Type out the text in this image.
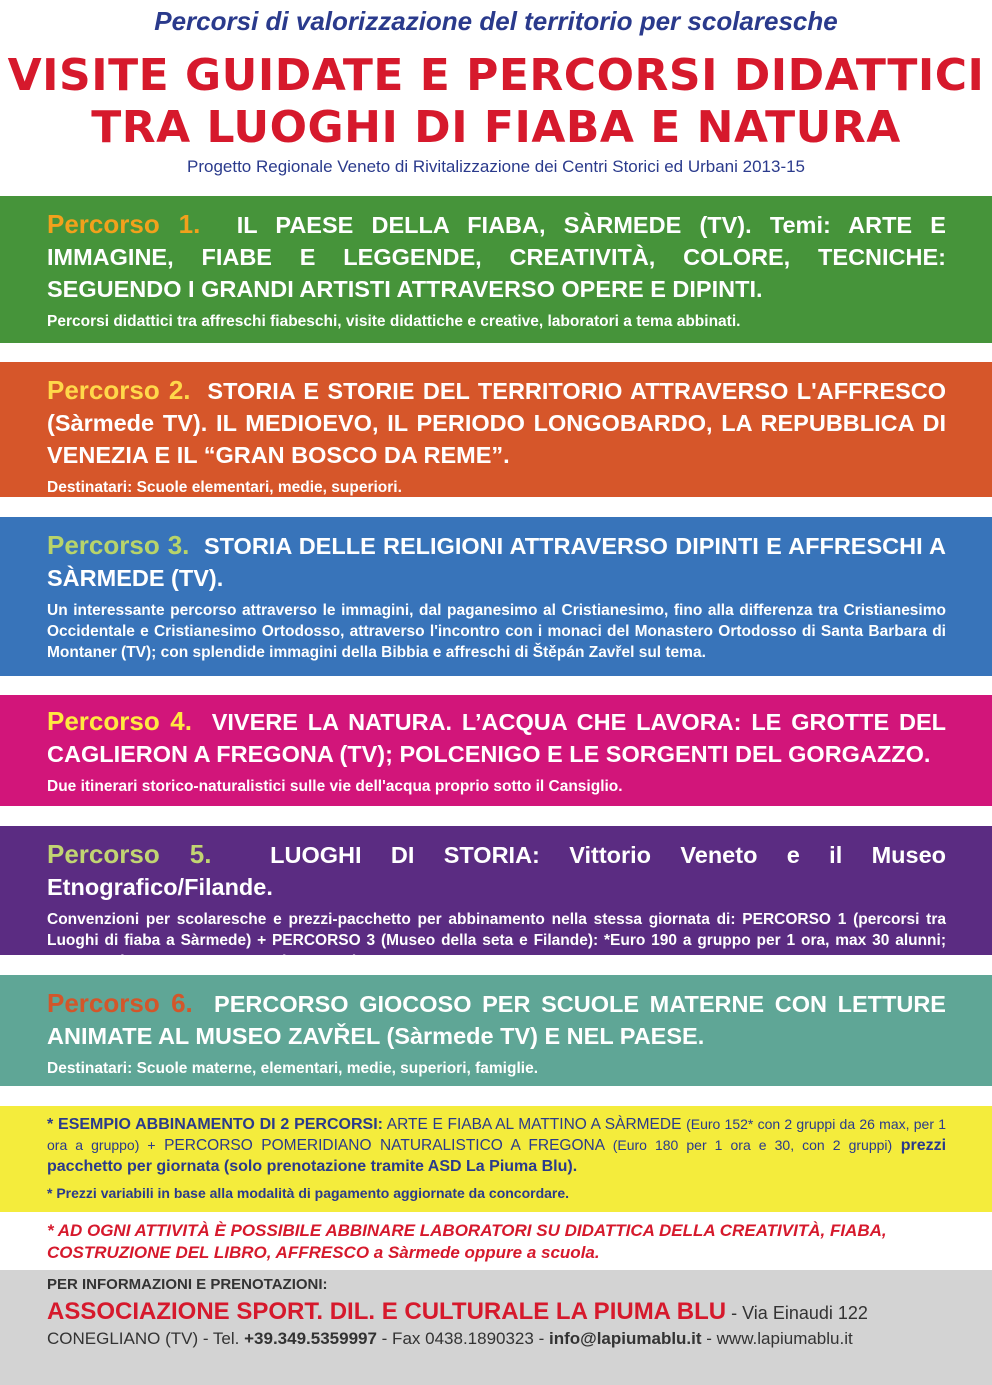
Percorsi di valorizzazione del territorio per scolaresche
VISITE GUIDATE E PERCORSI DIDATTICI
TRA LUOGHI DI FIABA E NATURA
Progetto Regionale Veneto di Rivitalizzazione dei Centri Storici ed Urbani 2013-15
Percorso 1. IL PAESE DELLA FIABA, SÀRMEDE (TV). Temi: ARTE E IMMAGINE, FIABE E LEGGENDE, CREATIVITÀ, COLORE, TECNICHE: SEGUENDO I GRANDI ARTISTI ATTRAVERSO OPERE E DIPINTI.
Percorsi didattici tra affreschi fiabeschi, visite didattiche e creative, laboratori a tema abbinati.
Percorso 2. STORIA E STORIE DEL TERRITORIO ATTRAVERSO L'AFFRESCO (Sàrmede TV). IL MEDIOEVO, IL PERIODO LONGOBARDO, LA REPUBBLICA DI VENEZIA E IL “GRAN BOSCO DA REME”.
Destinatari: Scuole elementari, medie, superiori.
Percorso 3. STORIA DELLE RELIGIONI ATTRAVERSO DIPINTI E AFFRESCHI A SÀRMEDE (TV).
Un interessante percorso attraverso le immagini, dal paganesimo al Cristianesimo, fino alla differenza tra Cristianesimo Occidentale e Cristianesimo Ortodosso, attraverso l'incontro con i monaci del Monastero Ortodosso di Santa Barbara di Montaner (TV); con splendide immagini della Bibbia e affreschi di Štěpán Zavřel sul tema.
Percorso 4. VIVERE LA NATURA. L’ACQUA CHE LAVORA: LE GROTTE DEL CAGLIERON A FREGONA (TV); POLCENIGO E LE SORGENTI DEL GORGAZZO.
Due itinerari storico-naturalistici sulle vie dell'acqua proprio sotto il Cansiglio.
Percorso 5. LUOGHI DI STORIA: Vittorio Veneto e il Museo Etnografico/Filande.
Convenzioni per scolaresche e prezzi-pacchetto per abbinamento nella stessa giornata di: PERCORSO 1 (percorsi tra Luoghi di fiaba a Sàrmede) + PERCORSO 3 (Museo della seta e Filande): *Euro 190 a gruppo per 1 ora, max 30 alunni; sconto solo attraverso prenotazione tramite ASD LA PIUMA BLU.
Percorso 6. PERCORSO GIOCOSO PER SCUOLE MATERNE CON LETTURE ANIMATE AL MUSEO ZAVŘEL (Sàrmede TV) E NEL PAESE.
Destinatari: Scuole materne, elementari, medie, superiori, famiglie.
* ESEMPIO ABBINAMENTO DI 2 PERCORSI: ARTE E FIABA AL MATTINO A SÀRMEDE (Euro 152* con 2 gruppi da 26 max, per 1 ora a gruppo) + PERCORSO POMERIDIANO NATURALISTICO A FREGONA (Euro 180 per 1 ora e 30, con 2 gruppi) prezzi pacchetto per giornata (solo prenotazione tramite ASD La Piuma Blu).
* Prezzi variabili in base alla modalità di pagamento aggiornate da concordare.
* AD OGNI ATTIVITÀ È POSSIBILE ABBINARE LABORATORI SU DIDATTICA DELLA CREATIVITÀ, FIABA,
COSTRUZIONE DEL LIBRO, AFFRESCO a Sàrmede oppure a scuola.
PER INFORMAZIONI E PRENOTAZIONI:
ASSOCIAZIONE SPORT. DIL. E CULTURALE LA PIUMA BLU - Via Einaudi 122
CONEGLIANO (TV) - Tel. +39.349.5359997 - Fax 0438.1890323 - info@lapiumablu.it - www.lapiumablu.it
